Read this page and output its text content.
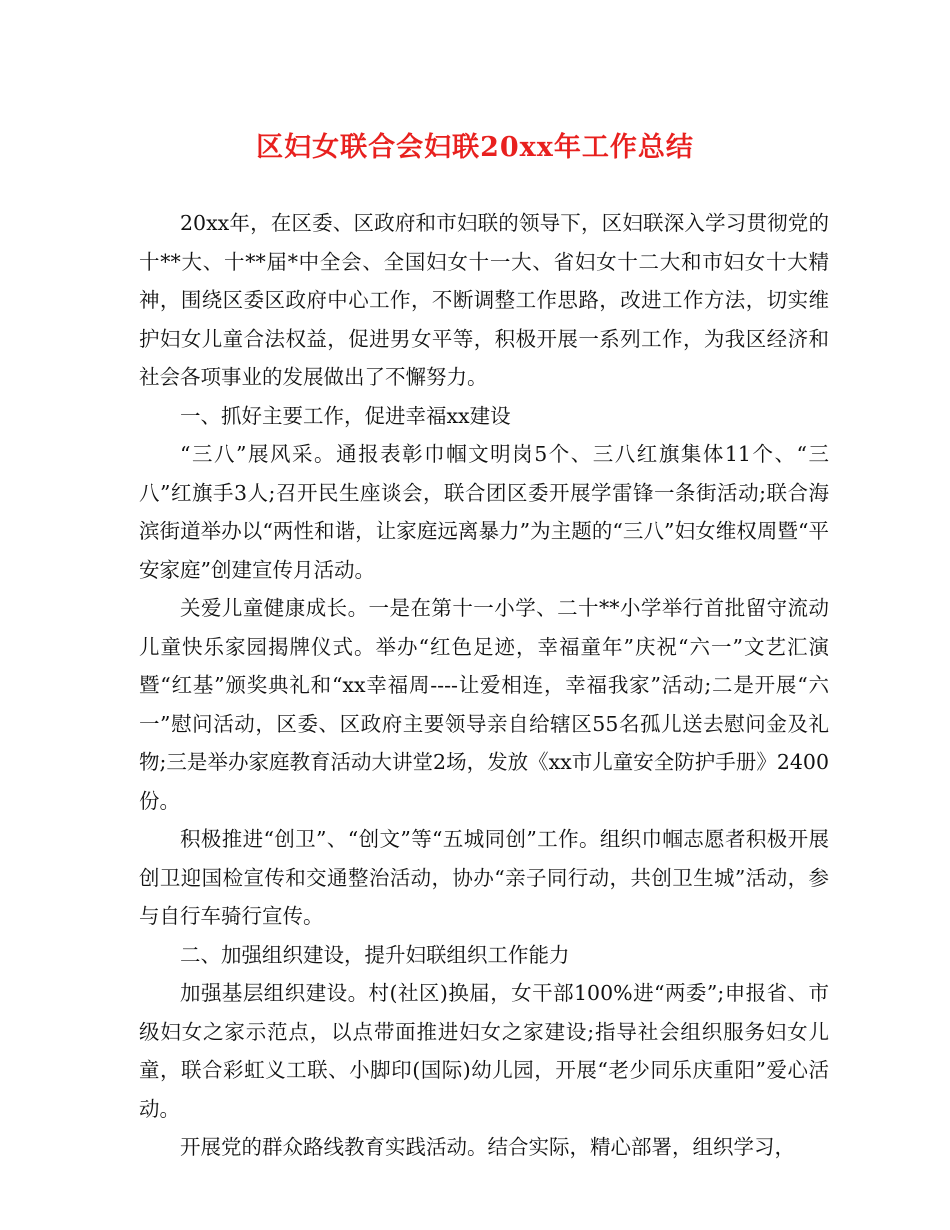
区妇女联合会妇联20xx年工作总结

20xx年，在区委、区政府和市妇联的领导下，区妇联深入学习贯彻党的十**大、十**届*中全会、全国妇女十一大、省妇女十二大和市妇女十大精神，围绕区委区政府中心工作，不断调整工作思路，改进工作方法，切实维护妇女儿童合法权益，促进男女平等，积极开展一系列工作，为我区经济和社会各项事业的发展做出了不懈努力。

一、抓好主要工作，促进幸福xx建设

“三八”展风采。通报表彰巾帼文明岗5个、三八红旗集体11个、“三八”红旗手3人;召开民生座谈会，联合团区委开展学雷锋一条街活动;联合海滨街道举办以“两性和谐，让家庭远离暴力”为主题的“三八”妇女维权周暨“平安家庭”创建宣传月活动。

关爱儿童健康成长。一是在第十一小学、二十**小学举行首批留守流动儿童快乐家园揭牌仪式。举办“红色足迹，幸福童年”庆祝“六一”文艺汇演暨“红基”颁奖典礼和“xx幸福周----让爱相连，幸福我家”活动;二是开展“六一”慰问活动，区委、区政府主要领导亲自给辖区55名孤儿送去慰问金及礼物;三是举办家庭教育活动大讲堂2场，发放《xx市儿童安全防护手册》2400份。

积极推进“创卫”、“创文”等“五城同创”工作。组织巾帼志愿者积极开展创卫迎国检宣传和交通整治活动，协办“亲子同行动，共创卫生城”活动，参与自行车骑行宣传。

二、加强组织建设，提升妇联组织工作能力

加强基层组织建设。村(社区)换届，女干部100%进“两委”;申报省、市级妇女之家示范点，以点带面推进妇女之家建设;指导社会组织服务妇女儿童，联合彩虹义工联、小脚印(国际)幼儿园，开展“老少同乐庆重阳”爱心活动。

开展党的群众路线教育实践活动。结合实际，精心部署，组织学习，
